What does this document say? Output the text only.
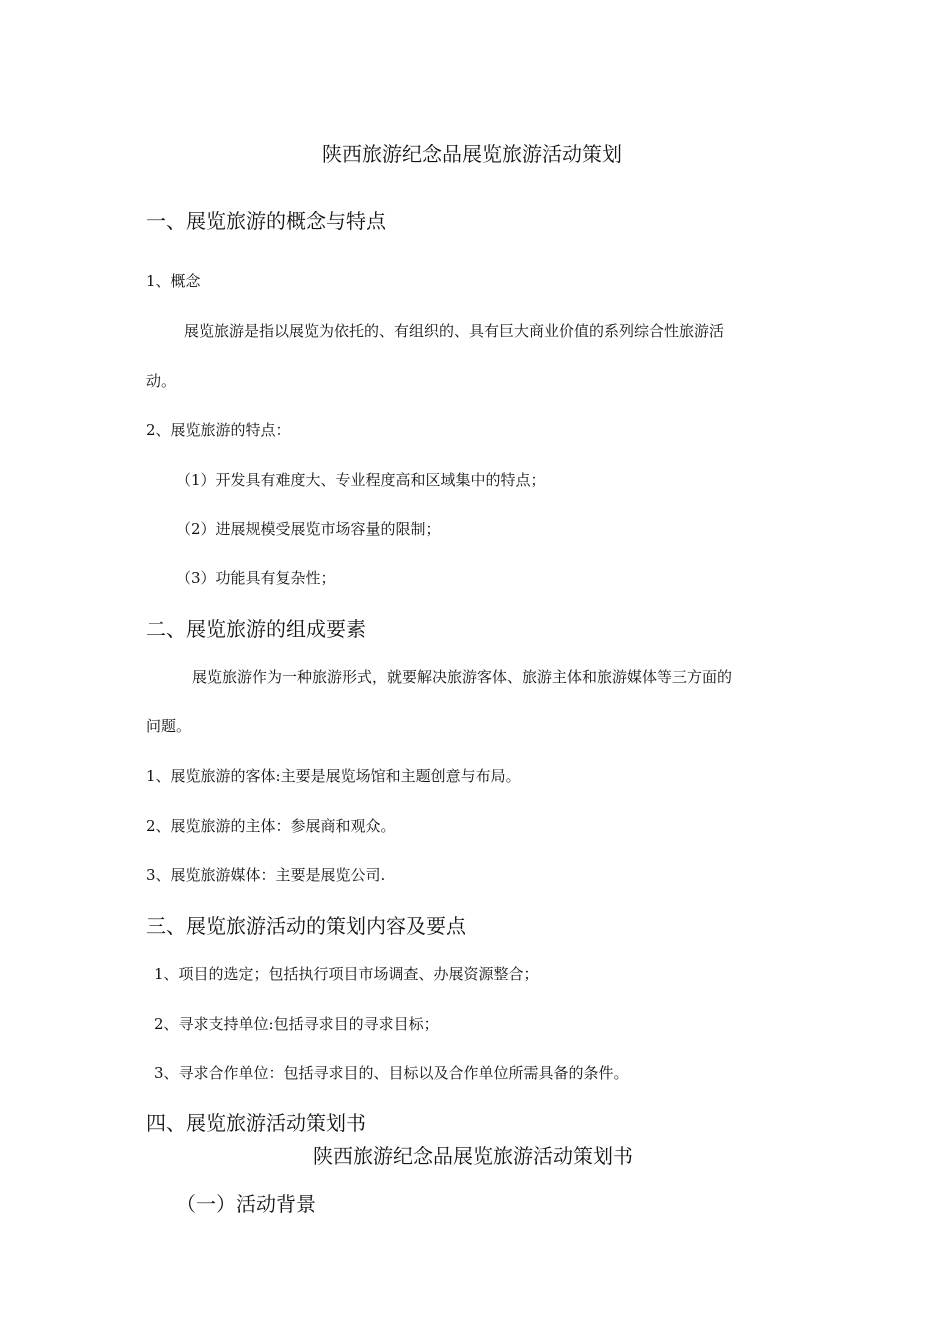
陕西旅游纪念品展览旅游活动策划
一、展览旅游的概念与特点
1、概念
展览旅游是指以展览为依托的、有组织的、具有巨大商业价值的系列综合性旅游活
动。
2、展览旅游的特点：
（1）开发具有难度大、专业程度高和区域集中的特点；
（2）进展规模受展览市场容量的限制；
（3）功能具有复杂性；
二、展览旅游的组成要素
展览旅游作为一种旅游形式，就要解决旅游客体、旅游主体和旅游媒体等三方面的
问题。
1、展览旅游的客体:主要是展览场馆和主题创意与布局。
2、展览旅游的主体：参展商和观众。
3、展览旅游媒体：主要是展览公司.
三、展览旅游活动的策划内容及要点
1、项目的选定；包括执行项目市场调查、办展资源整合；
2、寻求支持单位:包括寻求目的寻求目标；
3、寻求合作单位：包括寻求目的、目标以及合作单位所需具备的条件。
四、展览旅游活动策划书
陕西旅游纪念品展览旅游活动策划书
（一）活动背景
